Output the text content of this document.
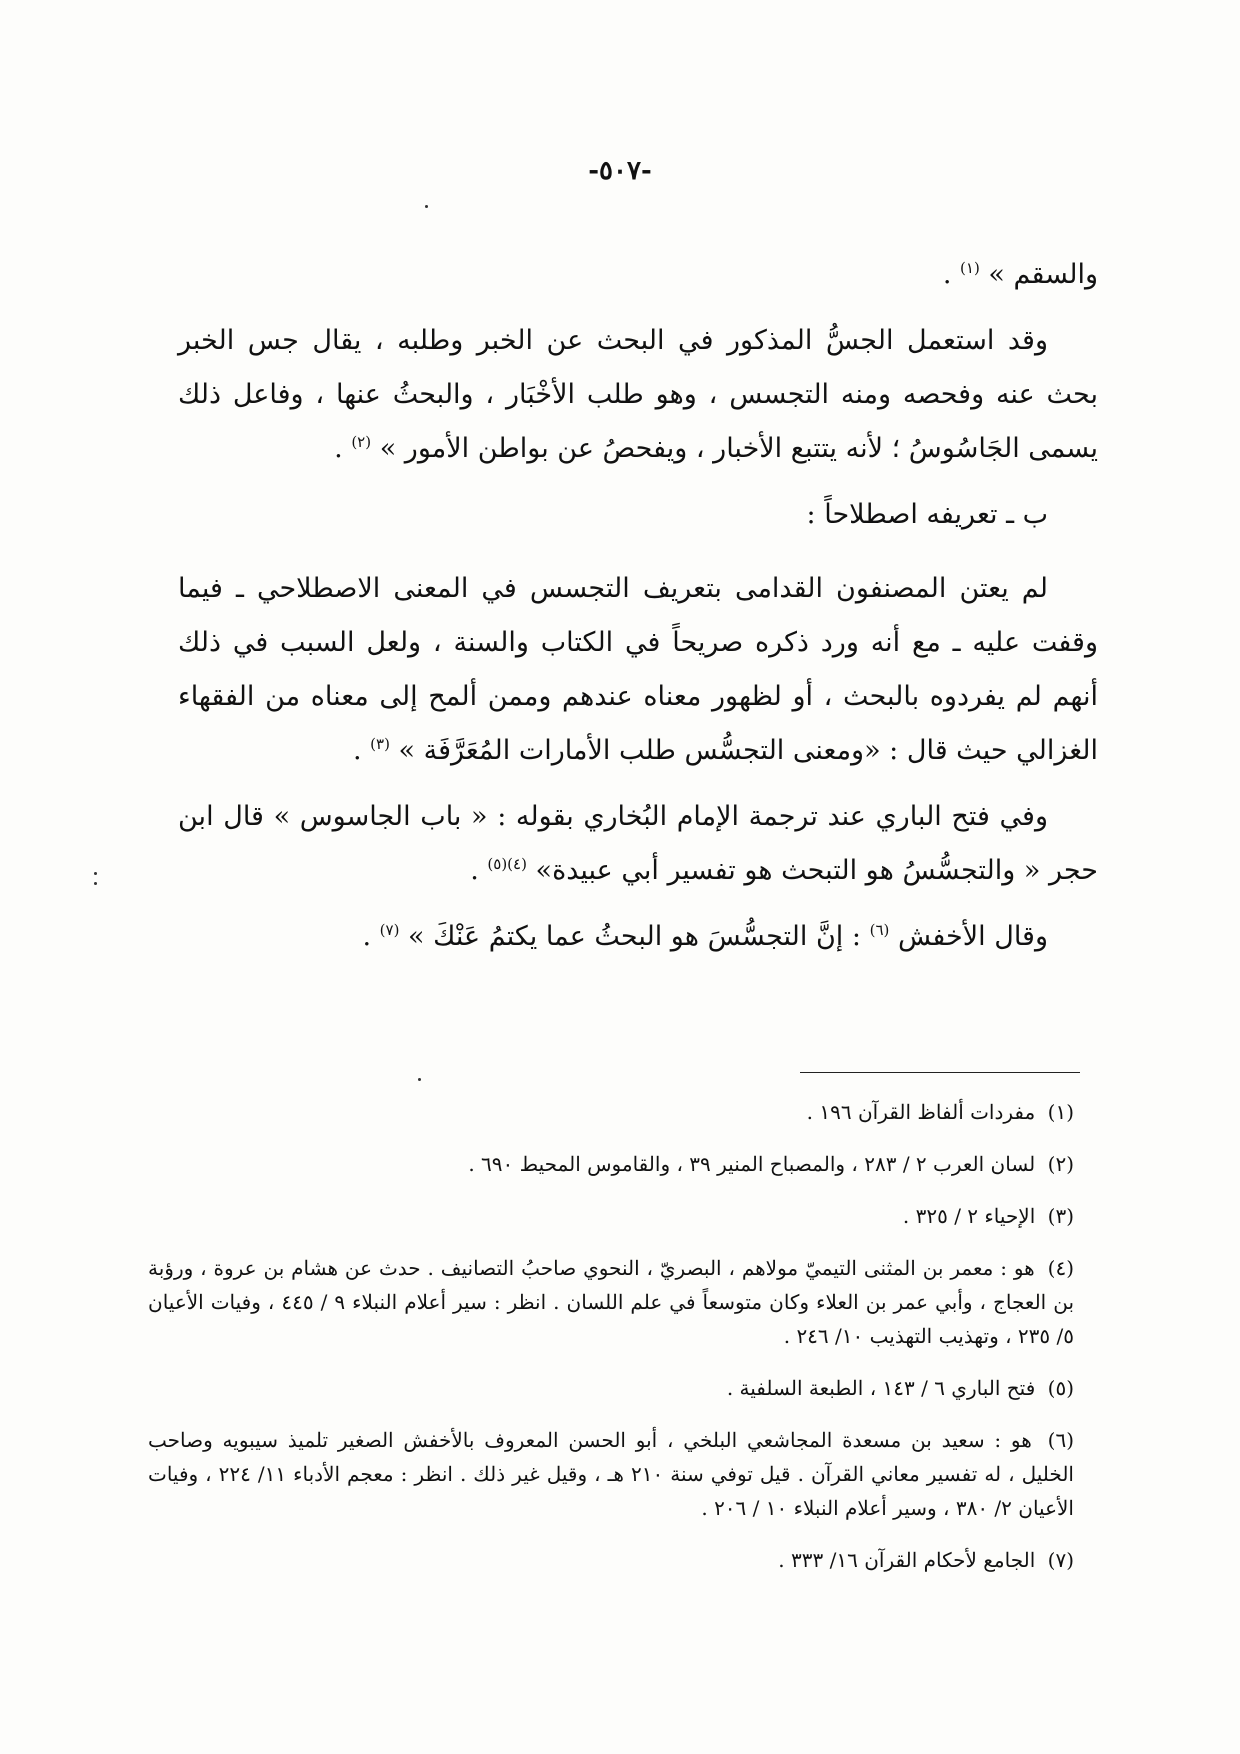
-٥٠٧-

والسقم » $^{(١)}$ .

وقد استعمل الجسُّ المذكور في البحث عن الخبر وطلبه ، يقال جس الخبر بحث عنه وفحصه ومنه التجسس ، وهو طلب الأخْبَار ، والبحثُ عنها ، وفاعل ذلك يسمى الجَاسُوسُ ؛ لأنه يتتبع الأخبار ، ويفحصُ عن بواطن الأمور » $^{(٢)}$ .

ب ـ تعريفه اصطلاحاً :

لم يعتن المصنفون القدامى بتعريف التجسس في المعنى الاصطلاحي ـ فيما وقفت عليه ـ مع أنه ورد ذكره صريحاً في الكتاب والسنة ، ولعل السبب في ذلك أنهم لم يفردوه بالبحث ، أو لظهور معناه عندهم وممن ألمح إلى معناه من الفقهاء الغزالي حيث قال : «ومعنى التجسُّس طلب الأمارات المُعَرَّفَة » $^{(٣)}$ .

وفي فتح الباري عند ترجمة الإمام البُخاري بقوله : « باب الجاسوس » قال ابن حجر « والتجسُّسُ هو التبحث هو تفسير أبي عبيدة» $^{(٤)(٥)}$ .

وقال الأخفش $^{(٦)}$ : إنَّ التجسُّسَ هو البحثُ عما يكتمُ عَنْكَ » $^{(٧)}$ .

(١) مفردات ألفاظ القرآن ١٩٦ .
(٢) لسان العرب ٢ / ٢٨٣ ، والمصباح المنير ٣٩ ، والقاموس المحيط ٦٩٠ .
(٣) الإحياء ٢ / ٣٢٥ .
(٤) هو : معمر بن المثنى التيميّ مولاهم ، البصريّ ، النحوي صاحبُ التصانيف . حدث عن هشام بن عروة ، ورؤبة بن العجاج ، وأبي عمر بن العلاء وكان متوسعاً في علم اللسان . انظر : سير أعلام النبلاء ٩ / ٤٤٥ ، وفيات الأعيان ٥/ ٢٣٥ ، وتهذيب التهذيب ١٠/ ٢٤٦ .
(٥) فتح الباري ٦ / ١٤٣ ، الطبعة السلفية .
(٦) هو : سعيد بن مسعدة المجاشعي البلخي ، أبو الحسن المعروف بالأخفش الصغير تلميذ سيبويه وصاحب الخليل ، له تفسير معاني القرآن . قيل توفي سنة ٢١٠ هـ ، وقيل غير ذلك . انظر : معجم الأدباء ١١/ ٢٢٤ ، وفيات الأعيان ٢/ ٣٨٠ ، وسير أعلام النبلاء ١٠ / ٢٠٦ .
(٧) الجامع لأحكام القرآن ١٦/ ٣٣٣ .
